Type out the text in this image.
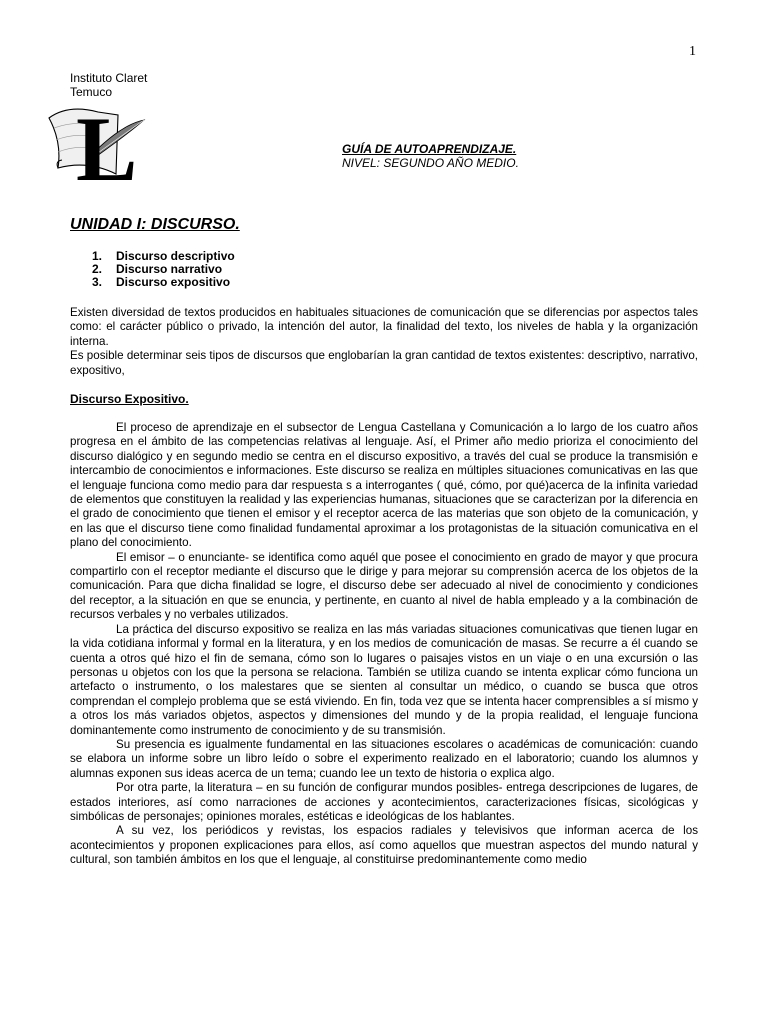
1
Instituto Claret
Temuco
L	GUÍA DE AUTOAPRENDIZAJE.
NIVEL: SEGUNDO AÑO MEDIO.
UNIDAD I: DISCURSO.
1. Discurso descriptivo
2. Discurso narrativo
3. Discurso expositivo

Existen diversidad de textos producidos en habituales situaciones de comunicación que se diferencias por aspectos tales como: el carácter público o privado, la intención del autor, la finalidad del texto, los niveles de habla y la organización interna.

Es posible determinar seis tipos de discursos que englobarían la gran cantidad de textos existentes: descriptivo, narrativo, expositivo,

Discurso Expositivo.

El proceso de aprendizaje en el subsector de Lengua Castellana y Comunicación a lo largo de los cuatro años progresa en el ámbito de las competencias relativas al lenguaje. Así, el Primer año medio prioriza el conocimiento del discurso dialógico y en segundo medio se centra en el discurso expositivo, a través del cual se produce la transmisión e intercambio de conocimientos e informaciones. Este discurso se realiza en múltiples situaciones comunicativas en las que el lenguaje funciona como medio para dar respuesta s a interrogantes ( qué, cómo, por qué)acerca de la infinita variedad de elementos que constituyen la realidad y las experiencias humanas, situaciones que se caracterizan por la diferencia en el grado de conocimiento que tienen el emisor y el receptor acerca de las materias que son objeto de la comunicación, y en las que el discurso tiene como finalidad fundamental aproximar a los protagonistas de la situación comunicativa en el plano del conocimiento.

El emisor – o enunciante- se identifica como aquél que posee el conocimiento en grado de mayor y que procura compartirlo con el receptor mediante el discurso que le dirige y para mejorar su comprensión acerca de los objetos de la comunicación. Para que dicha finalidad se logre, el discurso debe ser adecuado al nivel de conocimiento y condiciones del receptor, a la situación en que se enuncia, y pertinente, en cuanto al nivel de habla empleado y a la combinación de recursos verbales y no verbales utilizados.

La práctica del discurso expositivo se realiza en las más variadas situaciones comunicativas que tienen lugar en la vida cotidiana informal y formal en la literatura, y en los medios de comunicación de masas. Se recurre a él cuando se cuenta a otros qué hizo el fin de semana, cómo son lo lugares o paisajes vistos en un viaje o en una excursión o las personas u objetos con los que la persona se relaciona. También se utiliza cuando se intenta explicar cómo funciona un artefacto o instrumento, o los malestares que se sienten al consultar un médico, o cuando se busca que otros comprendan el complejo problema que se está viviendo. En fin, toda vez que se intenta hacer comprensibles a sí mismo y a otros los más variados objetos, aspectos y dimensiones del mundo y de la propia realidad, el lenguaje funciona dominantemente como instrumento de conocimiento y de su transmisión.

Su presencia es igualmente fundamental en las situaciones escolares o académicas de comunicación: cuando se elabora un informe sobre un libro leído o sobre el experimento realizado en el laboratorio; cuando los alumnos y alumnas exponen sus ideas acerca de un tema; cuando lee un texto de historia o explica algo.

Por otra parte, la literatura – en su función de configurar mundos posibles- entrega descripciones de lugares, de estados interiores, así como narraciones de acciones y acontecimientos, caracterizaciones físicas, sicológicas y simbólicas de personajes; opiniones morales, estéticas e ideológicas de los hablantes.

A su vez, los periódicos y revistas, los espacios radiales y televisivos que informan acerca de los acontecimientos y proponen explicaciones para ellos, así como aquellos que muestran aspectos del mundo natural y cultural, son también ámbitos en los que el lenguaje, al constituirse predominantemente como medio
